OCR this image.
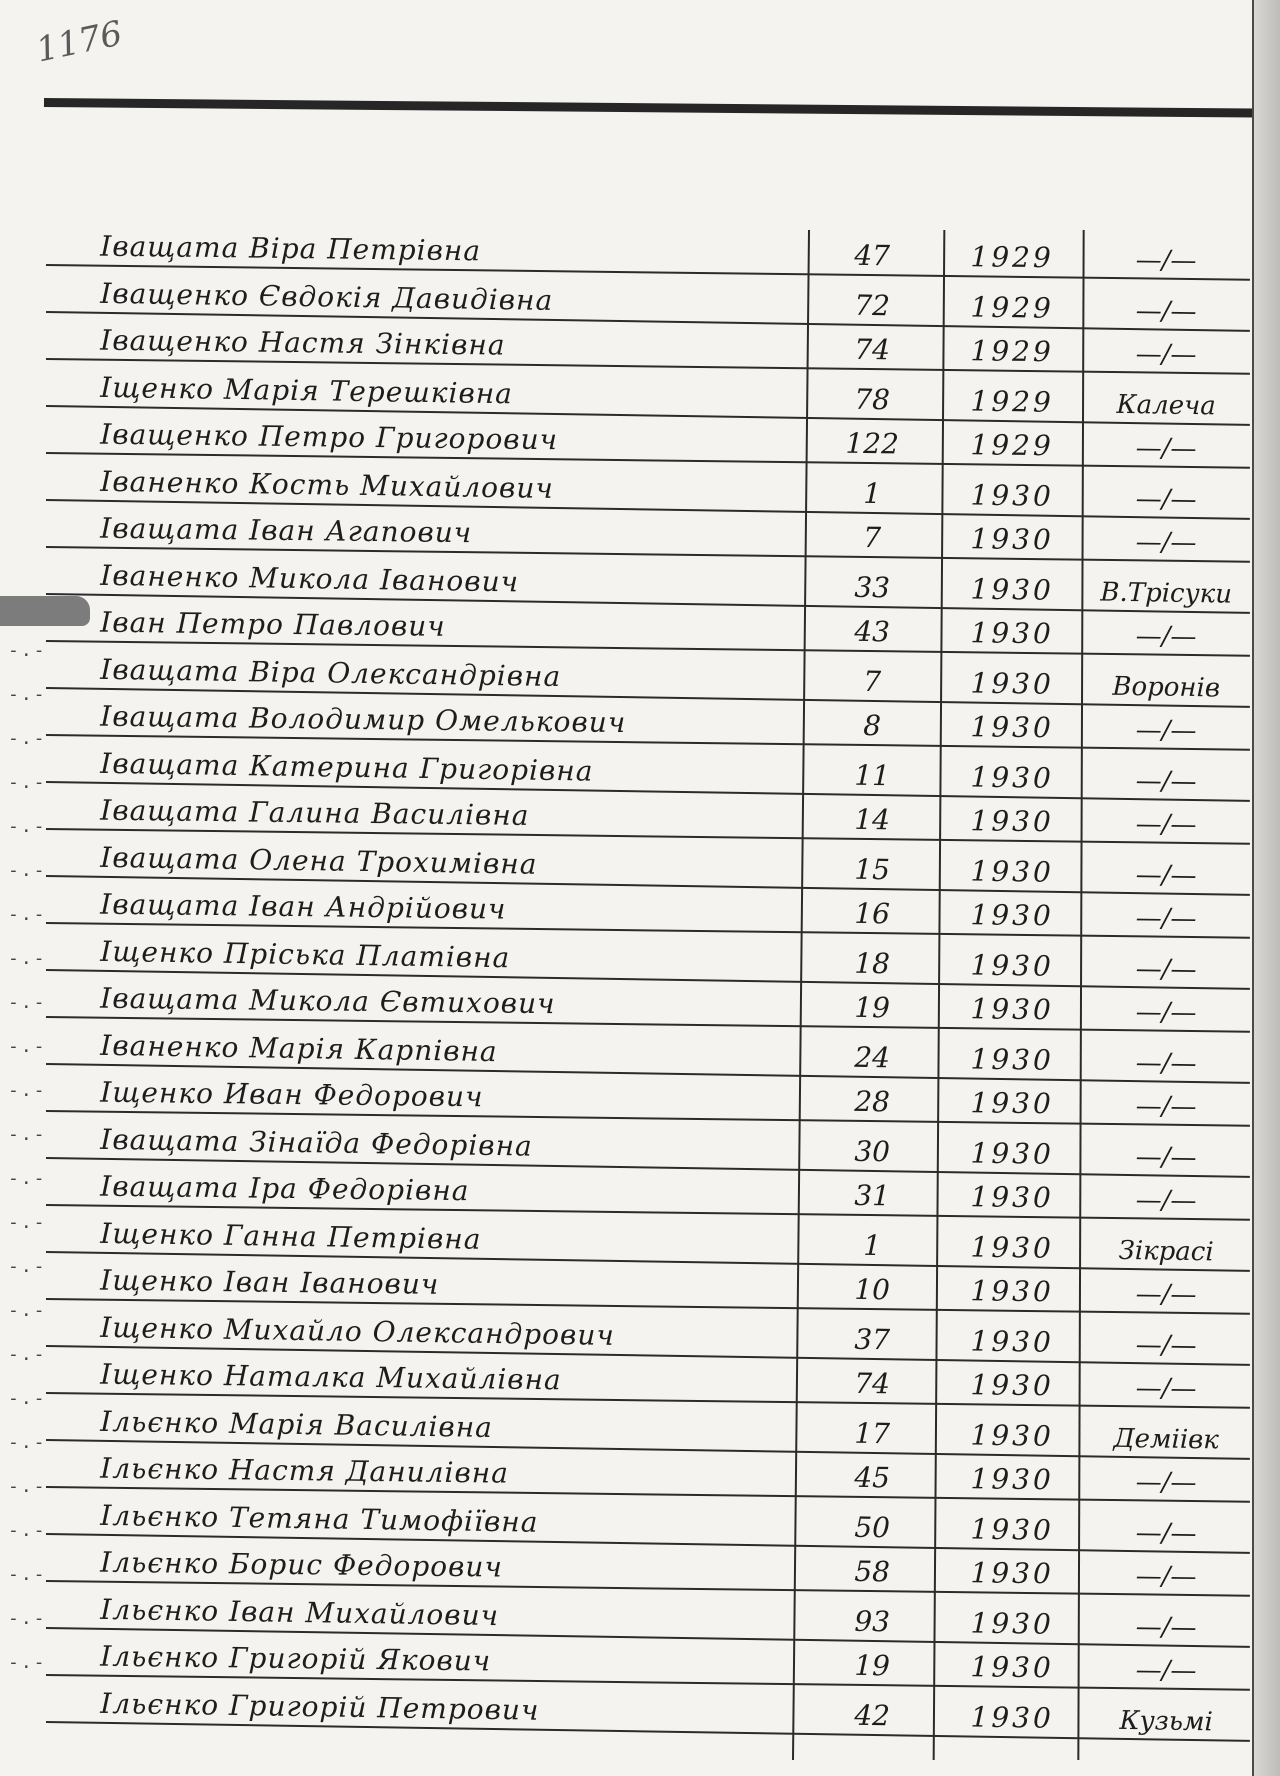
1176
-.-
-.-
-.-
-.-
-.-
-.-
-.-
-.-
-.-
-.-
-.-
-.-
-.-
-.-
-.-
-.-
-.-
-.-
-.-
-.-
-.-
-.-
-.-
-.-
Іващата Віра Петрівна	47	1929	—/—
Іващенко Євдокія Давидівна	72	1929	—/—
Іващенко Настя Зінківна	74	1929	—/—
Іщенко Марія Терешківна	78	1929	Калеча
Іващенко Петро Григорович	122	1929	—/—
Іваненко Кость Михайлович	1	1930	—/—
Іващата Іван Агапович	7	1930	—/—
Іваненко Микола Іванович	33	1930	В.Трісуки
Іван Петро Павлович	43	1930	—/—
Іващата Віра Олександрівна	7	1930	Воронів
Іващата Володимир Омелькович	8	1930	—/—
Іващата Катерина Григорівна	11	1930	—/—
Іващата Галина Василівна	14	1930	—/—
Іващата Олена Трохимівна	15	1930	—/—
Іващата Іван Андрійович	16	1930	—/—
Іщенко Пріська Платівна	18	1930	—/—
Іващата Микола Євтихович	19	1930	—/—
Іваненко Марія Карпівна	24	1930	—/—
Іщенко Иван Федорович	28	1930	—/—
Іващата Зінаїда Федорівна	30	1930	—/—
Іващата Іра Федорівна	31	1930	—/—
Іщенко Ганна Петрівна	1	1930	Зікрасі
Іщенко Іван Іванович	10	1930	—/—
Іщенко Михайло Олександрович	37	1930	—/—
Іщенко Наталка Михайлівна	74	1930	—/—
Ільєнко Марія Василівна	17	1930	Деміівк
Ільєнко Настя Данилівна	45	1930	—/—
Ільєнко Тетяна Тимофіївна	50	1930	—/—
Ільєнко Борис Федорович	58	1930	—/—
Ільєнко Іван Михайлович	93	1930	—/—
Ільєнко Григорій Якович	19	1930	—/—
Ільєнко Григорій Петрович	42	1930	Кузьмі
